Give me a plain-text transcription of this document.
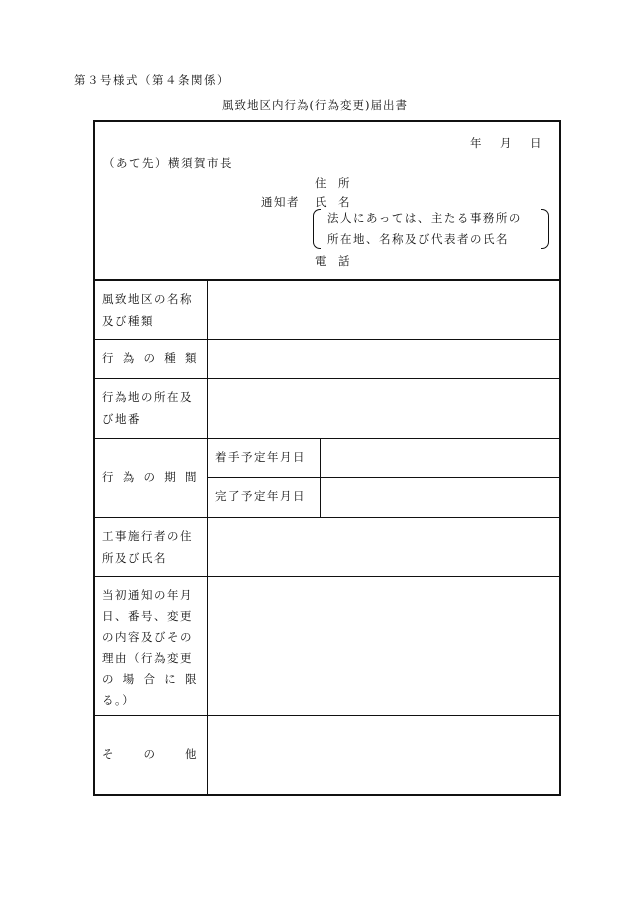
第３号様式（第４条関係）
風致地区内行為(行為変更)届出書
年 月 日
（あて先）横須賀市長
住　所
通知者 氏　名
法人にあっては、主たる事務所の
所在地、名称及び代表者の氏名
電　話
風致地区の名称
及び種類
行為の種類
行為地の所在及
び地番
行為の期間
着手予定年月日
完了予定年月日
工事施行者の住
所及び氏名
当初通知の年月
日、番号、変更
の内容及びその
理由（行為変更
の場合に限
る。）
その他
